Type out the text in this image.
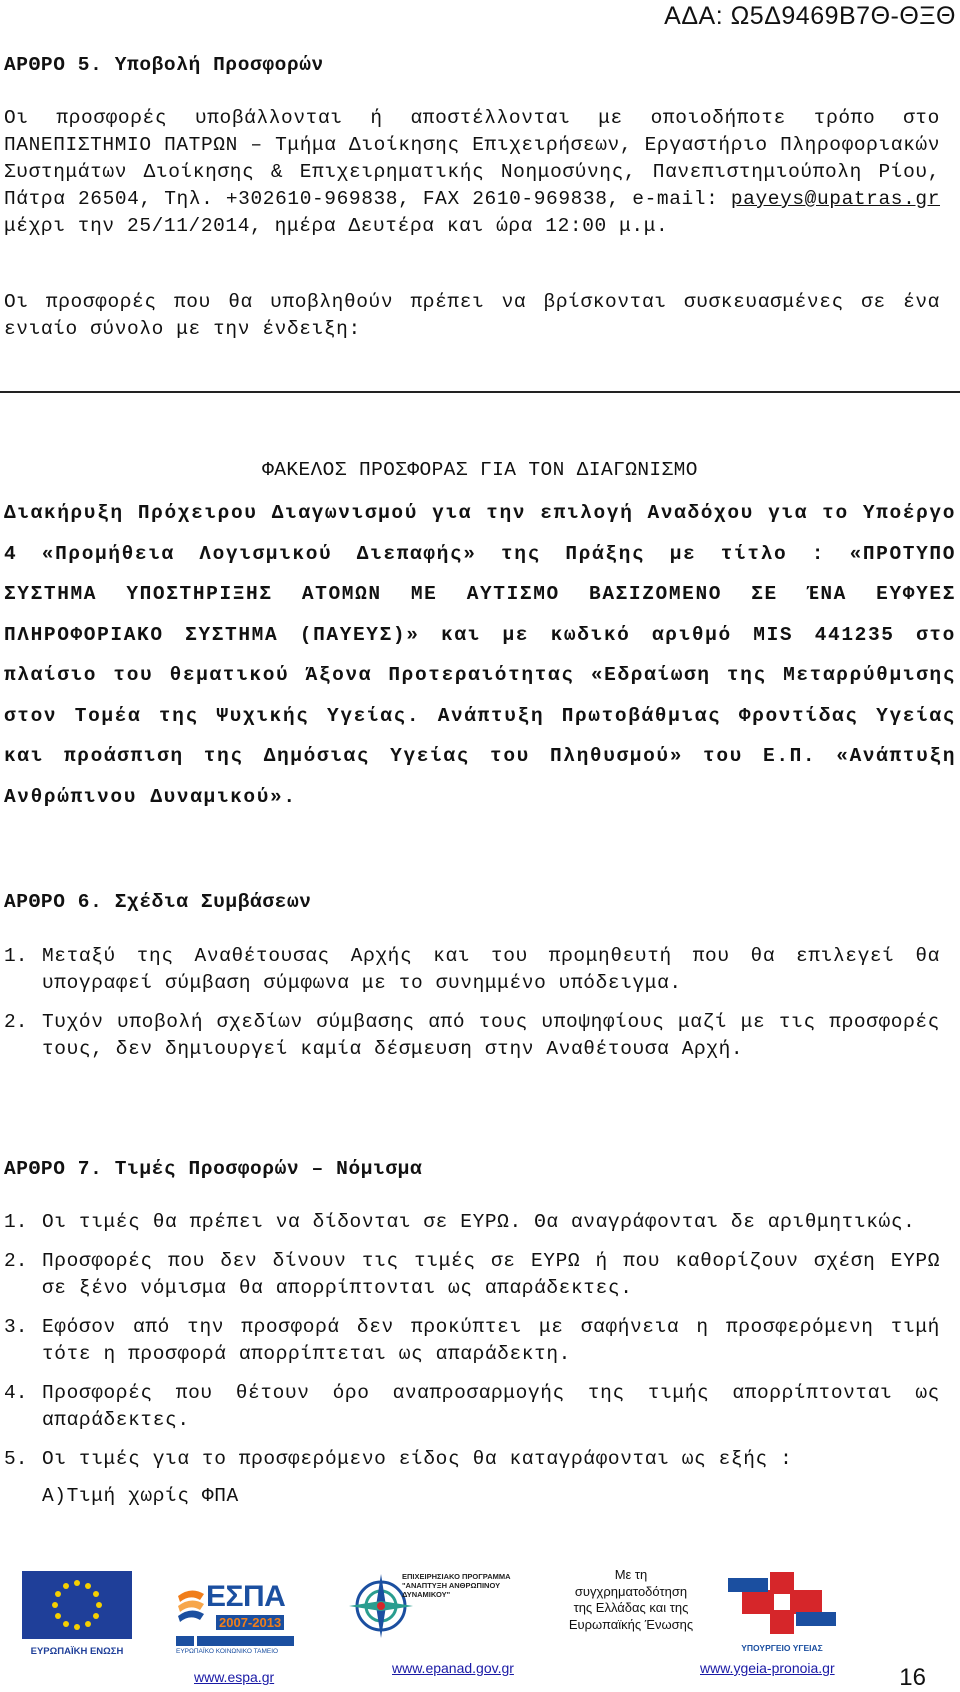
ΑΔΑ: Ω5Δ9469Β7Θ-ΘΞΘ
ΑΡΘΡΟ 5. Υποβολή Προσφορών
Οι προσφορές υποβάλλονται ή αποστέλλονται με οποιοδήποτε τρόπο στο ΠΑΝΕΠΙΣΤΗΜΙΟ ΠΑΤΡΩΝ – Τμήμα Διοίκησης Επιχειρήσεων, Εργαστήριο Πληροφοριακών Συστημάτων Διοίκησης & Επιχειρηματικής Νοημοσύνης, Πανεπιστημιούπολη Ρίου, Πάτρα 26504, Τηλ. +302610-969838, FAX 2610-969838, e-mail: payeys@upatras.gr μέχρι την 25/11/2014, ημέρα Δευτέρα και ώρα 12:00 μ.μ.
Οι προσφορές που θα υποβληθούν πρέπει να βρίσκονται συσκευασμένες σε ένα ενιαίο σύνολο με την ένδειξη:
ΦΑΚΕΛΟΣ ΠΡΟΣΦΟΡΑΣ ΓΙΑ ΤΟΝ ΔΙΑΓΩΝΙΣΜΟ
Διακήρυξη Πρόχειρου Διαγωνισμού για την επιλογή Αναδόχου για το Υποέργο 4 «Προμήθεια Λογισμικού Διεπαφής» της Πράξης με τίτλο : «ΠΡΟΤΥΠΟ ΣΥΣΤΗΜΑ ΥΠΟΣΤΗΡΙΞΗΣ ΑΤΟΜΩΝ ΜΕ ΑΥΤΙΣΜΟ ΒΑΣΙΖΟΜΕΝΟ ΣΕ ΈΝΑ ΕΥΦΥΕΣ ΠΛΗΡΟΦΟΡΙΑΚΟ ΣΥΣΤΗΜΑ (ΠΑΥΕΥΣ)» και με κωδικό αριθμό MIS 441235 στο πλαίσιο του θεματικού Άξονα Προτεραιότητας «Εδραίωση της Μεταρρύθμισης στον Τομέα της Ψυχικής Υγείας. Ανάπτυξη Πρωτοβάθμιας Φροντίδας Υγείας και προάσπιση της Δημόσιας Υγείας του Πληθυσμού» του Ε.Π. «Ανάπτυξη Ανθρώπινου Δυναμικού».
ΑΡΘΡΟ 6. Σχέδια Συμβάσεων
1. Μεταξύ της Αναθέτουσας Αρχής και του προμηθευτή που θα επιλεγεί θα υπογραφεί σύμβαση σύμφωνα με το συνημμένο υπόδειγμα.
2. Τυχόν υποβολή σχεδίων σύμβασης από τους υποψηφίους μαζί με τις προσφορές τους, δεν δημιουργεί καμία δέσμευση στην Αναθέτουσα Αρχή.
ΑΡΘΡΟ 7. Τιμές Προσφορών – Νόμισμα
1. Οι τιμές θα πρέπει να δίδονται σε ΕΥΡΩ. Θα αναγράφονται δε αριθμητικώς.
2. Προσφορές που δεν δίνουν τις τιμές σε ΕΥΡΩ ή που καθορίζουν σχέση ΕΥΡΩ σε ξένο νόμισμα θα απορρίπτονται ως απαράδεκτες.
3. Εφόσον από την προσφορά δεν προκύπτει με σαφήνεια η προσφερόμενη τιμή τότε η προσφορά απορρίπτεται ως απαράδεκτη.
4. Προσφορές που θέτουν όρο αναπροσαρμογής της τιμής απορρίπτονται ως απαράδεκτες.
5. Οι τιμές για το προσφερόμενο είδος θα καταγράφονται ως εξής :
Α)Τιμή χωρίς ΦΠΑ
ΕΥΡΩΠΑΪΚΗ ΕΝΩΣΗ
ΕΣΠΑ
2007-2013
ΕΥΡΩΠΑΪΚΟ ΚΟΙΝΩΝΙΚΟ ΤΑΜΕΙΟ
ΕΠΙΧΕΙΡΗΣΙΑΚΟ ΠΡΟΓΡΑΜΜΑ "ΑΝΑΠΤΥΞΗ ΑΝΘΡΩΠΙΝΟΥ ΔΥΝΑΜΙΚΟΥ"
Με τη συγχρηματοδότηση της Ελλάδας και της Ευρωπαϊκής Ένωσης
ΥΠΟΥΡΓΕΙΟ ΥΓΕΙΑΣ
www.espa.gr
www.epanad.gov.gr	www.ygeia-pronoia.gr	16
